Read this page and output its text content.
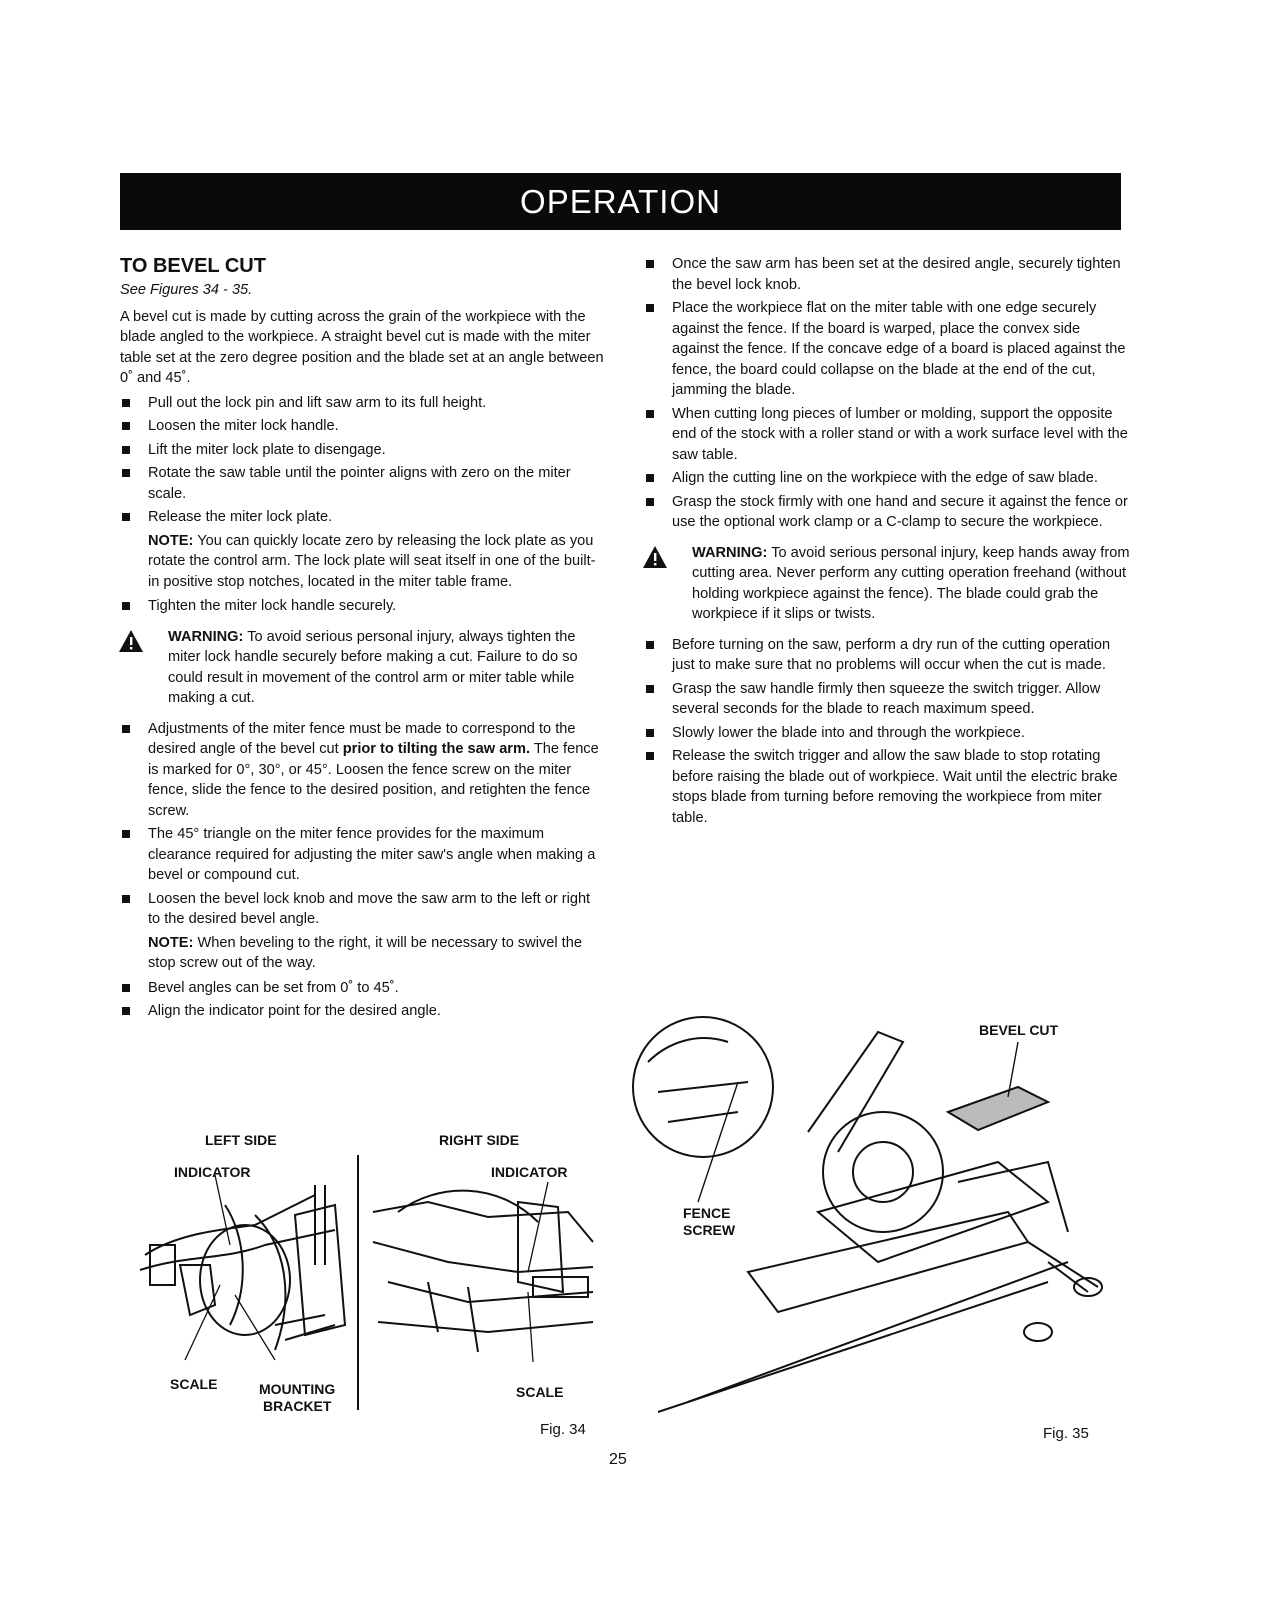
OPERATION
TO BEVEL CUT
See Figures 34 - 35.
A bevel cut is made by cutting across the grain of the workpiece with the blade angled to the workpiece. A straight bevel cut is made with the miter table set at the zero degree position and the blade set at an angle between 0˚ and 45˚.
Pull out the lock pin and lift saw arm to its full height.
Loosen the miter lock handle.
Lift the miter lock plate to disengage.
Rotate the saw table until the pointer aligns with zero on the miter scale.
Release the miter lock plate.
NOTE: You can quickly locate zero by releasing the lock plate as you rotate the control arm. The lock plate will seat itself in one of the built-in positive stop notches, located in the miter table frame.
Tighten the miter lock handle securely.
WARNING: To avoid serious personal injury, always tighten the miter lock handle securely before making a cut. Failure to do so could result in movement of the control arm or miter table while making a cut.
Adjustments of the miter fence must be made to correspond to the desired angle of the bevel cut prior to tilting the saw arm. The fence is marked for 0°, 30°, or 45°. Loosen the fence screw on the miter fence, slide the fence to the desired position, and retighten the fence screw.
The 45° triangle on the miter fence provides for the maximum clearance required for adjusting the miter saw's angle when making a bevel or compound cut.
Loosen the bevel lock knob and move the saw arm to the left or right to the desired bevel angle.
NOTE: When beveling to the right, it will be necessary to swivel the stop screw out of the way.
Bevel angles can be set from 0˚ to 45˚.
Align the indicator point for the desired angle.
Once the saw arm has been set at the desired angle, securely tighten the bevel lock knob.
Place the workpiece flat on the miter table with one edge securely against the fence. If the board is warped, place the convex side against the fence. If the concave edge of a board is placed against the fence, the board could collapse on the blade at the end of the cut, jamming the blade.
When cutting long pieces of lumber or molding, support the opposite end of the stock with a roller stand or with a work surface level with the saw table.
Align the cutting line on the workpiece with the edge of saw blade.
Grasp the stock firmly with one hand and secure it against the fence or use the optional work clamp or a C-clamp to secure the workpiece.
WARNING: To avoid serious personal injury, keep hands away from cutting area. Never perform any cutting operation freehand (without holding workpiece against the fence). The blade could grab the workpiece if it slips or twists.
Before turning on the saw, perform a dry run of the cutting operation just to make sure that no problems will occur when the cut is made.
Grasp the saw handle firmly then squeeze the switch trigger. Allow several seconds for the blade to reach maximum speed.
Slowly lower the blade into and through the workpiece.
Release the switch trigger and allow the saw blade to stop rotating before raising the blade out of workpiece. Wait until the electric brake stops blade from turning before removing the workpiece from miter table.
LEFT SIDE	RIGHT SIDE
INDICATOR	INDICATOR
SCALE	MOUNTING
BRACKET
SCALE
BEVEL CUT
FENCE
SCREW
Fig. 34	Fig. 35
25
